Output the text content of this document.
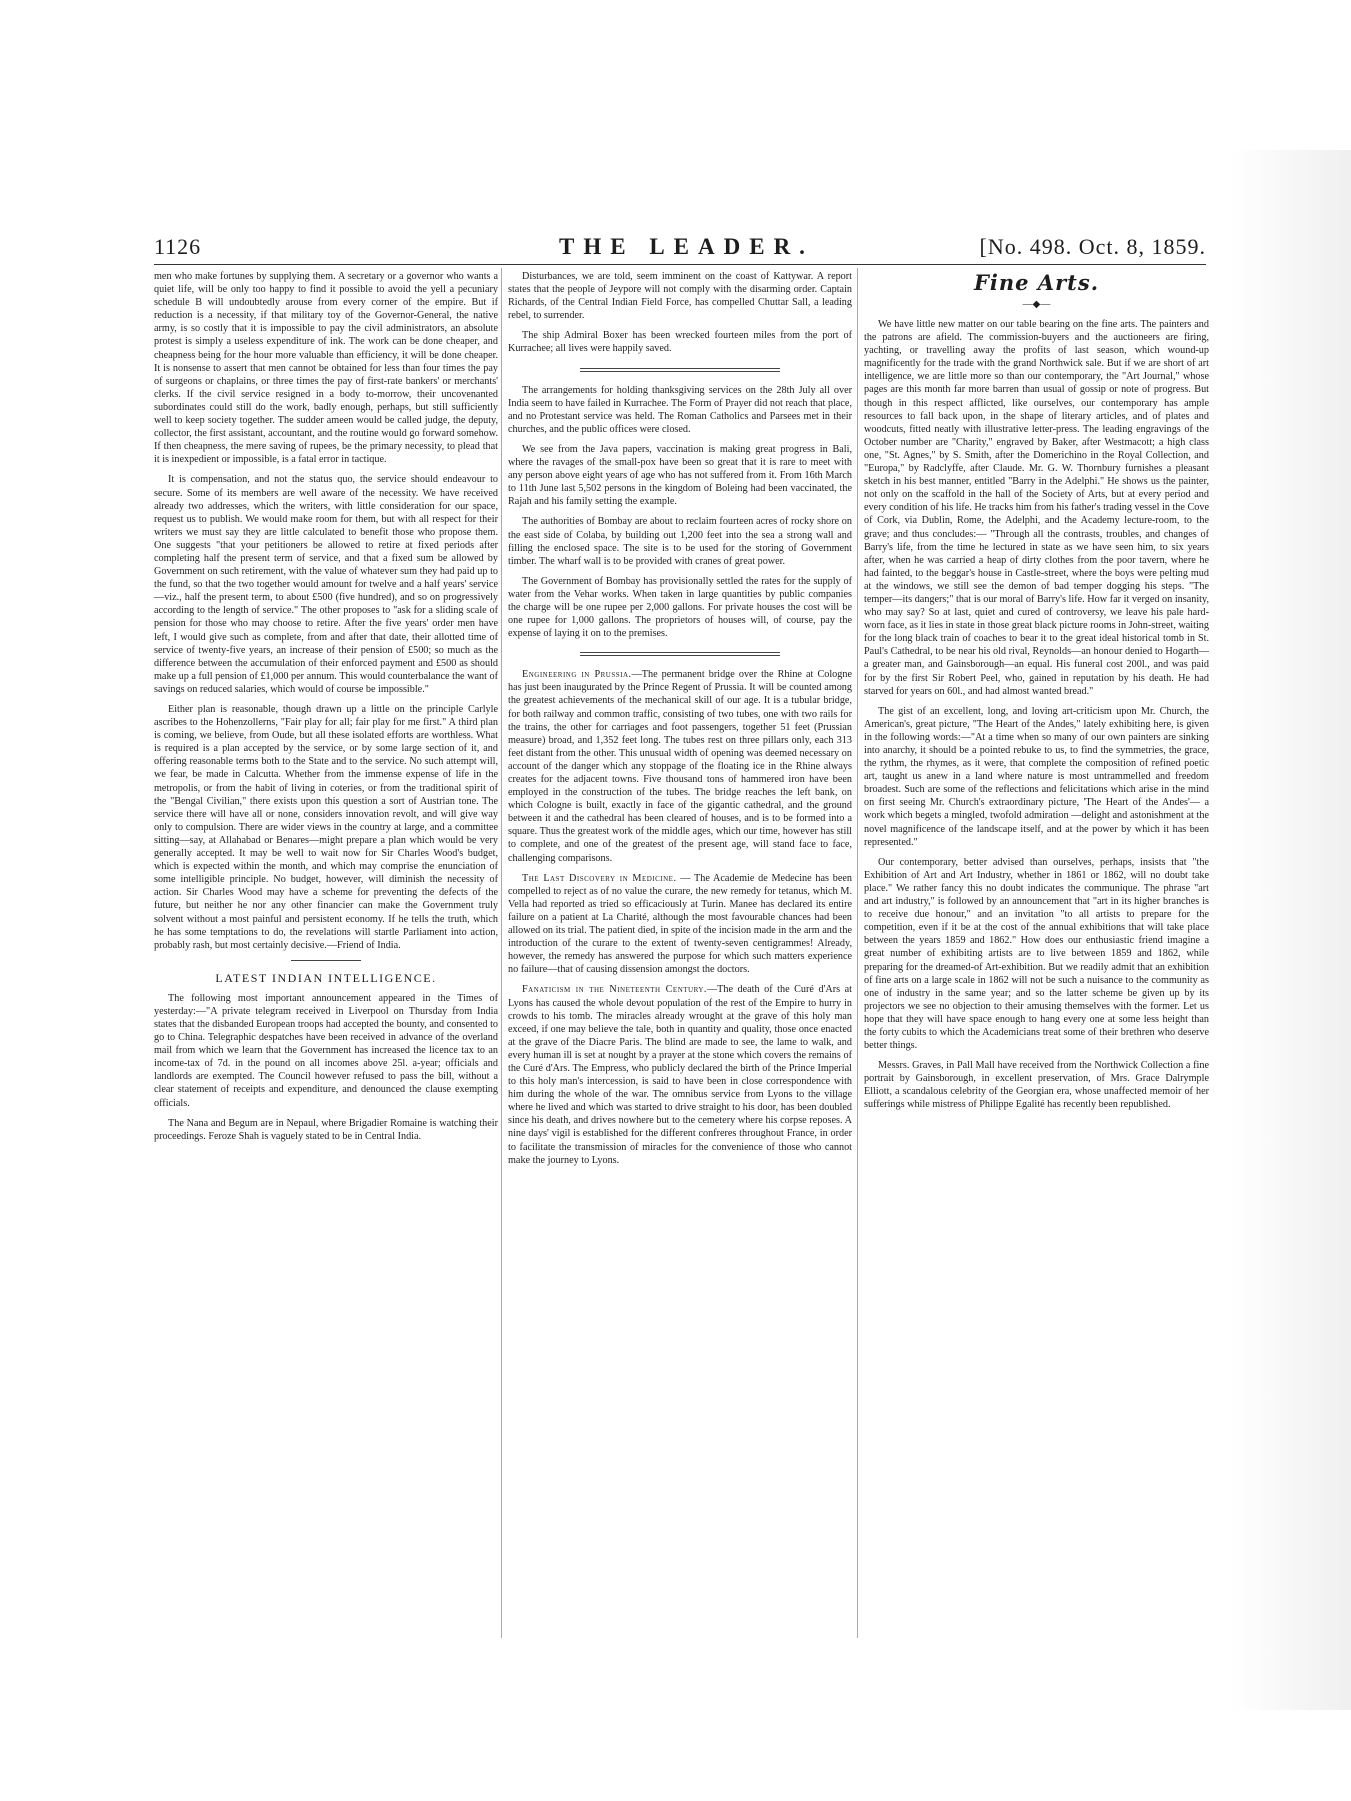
1126	THE LEADER.	[No. 498. Oct. 8, 1859.

men who make fortunes by supplying them. A secretary or a governor who wants a quiet life, will be only too happy to find it possible to avoid the yell a pecuniary schedule B will undoubtedly arouse from every corner of the empire. But if reduction is a necessity, if that military toy of the Governor-General, the native army, is so costly that it is impossible to pay the civil administrators, an absolute protest is simply a useless expenditure of ink. The work can be done cheaper, and cheapness being for the hour more valuable than efficiency, it will be done cheaper. It is nonsense to assert that men cannot be obtained for less than four times the pay of surgeons or chaplains, or three times the pay of first-rate bankers' or merchants' clerks. If the civil service resigned in a body to-morrow, their uncovenanted subordinates could still do the work, badly enough, perhaps, but still sufficiently well to keep society together. The sudder ameen would be called judge, the deputy, collector, the first assistant, accountant, and the routine would go forward somehow. If then cheapness, the mere saving of rupees, be the primary necessity, to plead that it is inexpedient or impossible, is a fatal error in tactique.

It is compensation, and not the status quo, the service should endeavour to secure. Some of its members are well aware of the necessity. We have received already two addresses, which the writers, with little consideration for our space, request us to publish. We would make room for them, but with all respect for their writers we must say they are little calculated to benefit those who propose them. One suggests "that your petitioners be allowed to retire at fixed periods after completing half the present term of service, and that a fixed sum be allowed by Government on such retirement, with the value of whatever sum they had paid up to the fund, so that the two together would amount for twelve and a half years' service—viz., half the present term, to about £500 (five hundred), and so on progressively according to the length of service." The other proposes to "ask for a sliding scale of pension for those who may choose to retire. After the five years' order men have left, I would give such as complete, from and after that date, their allotted time of service of twenty-five years, an increase of their pension of £500; so much as the difference between the accumulation of their enforced payment and £500 as should make up a full pension of £1,000 per annum. This would counterbalance the want of savings on reduced salaries, which would of course be impossible."

Either plan is reasonable, though drawn up a little on the principle Carlyle ascribes to the Hohenzollerns, "Fair play for all; fair play for me first." A third plan is coming, we believe, from Oude, but all these isolated efforts are worthless. What is required is a plan accepted by the service, or by some large section of it, and offering reasonable terms both to the State and to the service. No such attempt will, we fear, be made in Calcutta. Whether from the immense expense of life in the metropolis, or from the habit of living in coteries, or from the traditional spirit of the "Bengal Civilian," there exists upon this question a sort of Austrian tone. The service there will have all or none, considers innovation revolt, and will give way only to compulsion. There are wider views in the country at large, and a committee sitting—say, at Allahabad or Benares—might prepare a plan which would be very generally accepted. It may be well to wait now for Sir Charles Wood's budget, which is expected within the month, and which may comprise the enunciation of some intelligible principle. No budget, however, will diminish the necessity of action. Sir Charles Wood may have a scheme for preventing the defects of the future, but neither he nor any other financier can make the Government truly solvent without a most painful and persistent economy. If he tells the truth, which he has some temptations to do, the revelations will startle Parliament into action, probably rash, but most certainly decisive.—Friend of India.

LATEST INDIAN INTELLIGENCE.

The following most important announcement appeared in the Times of yesterday:—"A private telegram received in Liverpool on Thursday from India states that the disbanded European troops had accepted the bounty, and consented to go to China. Telegraphic despatches have been received in advance of the overland mail from which we learn that the Government has increased the licence tax to an income-tax of 7d. in the pound on all incomes above 25l. a-year; officials and landlords are exempted. The Council however refused to pass the bill, without a clear statement of receipts and expenditure, and denounced the clause exempting officials.

The Nana and Begum are in Nepaul, where Brigadier Romaine is watching their proceedings. Feroze Shah is vaguely stated to be in Central India.

Disturbances, we are told, seem imminent on the coast of Kattywar. A report states that the people of Jeypore will not comply with the disarming order. Captain Richards, of the Central Indian Field Force, has compelled Chuttar Sall, a leading rebel, to surrender.

The ship Admiral Boxer has been wrecked fourteen miles from the port of Kurrachee; all lives were happily saved.

The arrangements for holding thanksgiving services on the 28th July all over India seem to have failed in Kurrachee. The Form of Prayer did not reach that place, and no Protestant service was held. The Roman Catholics and Parsees met in their churches, and the public offices were closed.

We see from the Java papers, vaccination is making great progress in Bali, where the ravages of the small-pox have been so great that it is rare to meet with any person above eight years of age who has not suffered from it. From 16th March to 11th June last 5,502 persons in the kingdom of Boleing had been vaccinated, the Rajah and his family setting the example.

The authorities of Bombay are about to reclaim fourteen acres of rocky shore on the east side of Colaba, by building out 1,200 feet into the sea a strong wall and filling the enclosed space. The site is to be used for the storing of Government timber. The wharf wall is to be provided with cranes of great power.

The Government of Bombay has provisionally settled the rates for the supply of water from the Vehar works. When taken in large quantities by public companies the charge will be one rupee per 2,000 gallons. For private houses the cost will be one rupee for 1,000 gallons. The proprietors of houses will, of course, pay the expense of laying it on to the premises.

Engineering in Prussia.—The permanent bridge over the Rhine at Cologne has just been inaugurated by the Prince Regent of Prussia. It will be counted among the greatest achievements of the mechanical skill of our age. It is a tubular bridge, for both railway and common traffic, consisting of two tubes, one with two rails for the trains, the other for carriages and foot passengers, together 51 feet (Prussian measure) broad, and 1,352 feet long. The tubes rest on three pillars only, each 313 feet distant from the other. This unusual width of opening was deemed necessary on account of the danger which any stoppage of the floating ice in the Rhine always creates for the adjacent towns. Five thousand tons of hammered iron have been employed in the construction of the tubes. The bridge reaches the left bank, on which Cologne is built, exactly in face of the gigantic cathedral, and the ground between it and the cathedral has been cleared of houses, and is to be formed into a square. Thus the greatest work of the middle ages, which our time, however has still to complete, and one of the greatest of the present age, will stand face to face, challenging comparisons.

The Last Discovery in Medicine. — The Academie de Medecine has been compelled to reject as of no value the curare, the new remedy for tetanus, which M. Vella had reported as tried so efficaciously at Turin. Manee has declared its entire failure on a patient at La Charité, although the most favourable chances had been allowed on its trial. The patient died, in spite of the incision made in the arm and the introduction of the curare to the extent of twenty-seven centigrammes! Already, however, the remedy has answered the purpose for which such matters experience no failure—that of causing dissension amongst the doctors.

Fanaticism in the Nineteenth Century.—The death of the Curé d'Ars at Lyons has caused the whole devout population of the rest of the Empire to hurry in crowds to his tomb. The miracles already wrought at the grave of this holy man exceed, if one may believe the tale, both in quantity and quality, those once enacted at the grave of the Diacre Paris. The blind are made to see, the lame to walk, and every human ill is set at nought by a prayer at the stone which covers the remains of the Curé d'Ars. The Empress, who publicly declared the birth of the Prince Imperial to this holy man's intercession, is said to have been in close correspondence with him during the whole of the war. The omnibus service from Lyons to the village where he lived and which was started to drive straight to his door, has been doubled since his death, and drives nowhere but to the cemetery where his corpse reposes. A nine days' vigil is established for the different confreres throughout France, in order to facilitate the transmission of miracles for the convenience of those who cannot make the journey to Lyons.

Fine Arts.
—◆—

We have little new matter on our table bearing on the fine arts. The painters and the patrons are afield. The commission-buyers and the auctioneers are firing, yachting, or travelling away the profits of last season, which wound-up magnificently for the trade with the grand Northwick sale. But if we are short of art intelligence, we are little more so than our contemporary, the "Art Journal," whose pages are this month far more barren than usual of gossip or note of progress. But though in this respect afflicted, like ourselves, our contemporary has ample resources to fall back upon, in the shape of literary articles, and of plates and woodcuts, fitted neatly with illustrative letter-press. The leading engravings of the October number are "Charity," engraved by Baker, after Westmacott; a high class one, "St. Agnes," by S. Smith, after the Domerichino in the Royal Collection, and "Europa," by Radclyffe, after Claude. Mr. G. W. Thornbury furnishes a pleasant sketch in his best manner, entitled "Barry in the Adelphi." He shows us the painter, not only on the scaffold in the hall of the Society of Arts, but at every period and every condition of his life. He tracks him from his father's trading vessel in the Cove of Cork, via Dublin, Rome, the Adelphi, and the Academy lecture-room, to the grave; and thus concludes:— "Through all the contrasts, troubles, and changes of Barry's life, from the time he lectured in state as we have seen him, to six years after, when he was carried a heap of dirty clothes from the poor tavern, where he had fainted, to the beggar's house in Castle-street, where the boys were pelting mud at the windows, we still see the demon of bad temper dogging his steps. "The temper—its dangers;" that is our moral of Barry's life. How far it verged on insanity, who may say? So at last, quiet and cured of controversy, we leave his pale hard-worn face, as it lies in state in those great black picture rooms in John-street, waiting for the long black train of coaches to bear it to the great ideal historical tomb in St. Paul's Cathedral, to be near his old rival, Reynolds—an honour denied to Hogarth—a greater man, and Gainsborough—an equal. His funeral cost 200l., and was paid for by the first Sir Robert Peel, who, gained in reputation by his death. He had starved for years on 60l., and had almost wanted bread."

The gist of an excellent, long, and loving art-criticism upon Mr. Church, the American's, great picture, "The Heart of the Andes," lately exhibiting here, is given in the following words:—"At a time when so many of our own painters are sinking into anarchy, it should be a pointed rebuke to us, to find the symmetries, the grace, the rythm, the rhymes, as it were, that complete the composition of refined poetic art, taught us anew in a land where nature is most untrammelled and freedom broadest. Such are some of the reflections and felicitations which arise in the mind on first seeing Mr. Church's extraordinary picture, 'The Heart of the Andes'— a work which begets a mingled, twofold admiration —delight and astonishment at the novel magnificence of the landscape itself, and at the power by which it has been represented."

Our contemporary, better advised than ourselves, perhaps, insists that "the Exhibition of Art and Art Industry, whether in 1861 or 1862, will no doubt take place." We rather fancy this no doubt indicates the communique. The phrase "art and art industry," is followed by an announcement that "art in its higher branches is to receive due honour," and an invitation "to all artists to prepare for the competition, even if it be at the cost of the annual exhibitions that will take place between the years 1859 and 1862." How does our enthusiastic friend imagine a great number of exhibiting artists are to live between 1859 and 1862, while preparing for the dreamed-of Art-exhibition. But we readily admit that an exhibition of fine arts on a large scale in 1862 will not be such a nuisance to the community as one of industry in the same year; and so the latter scheme be given up by its projectors we see no objection to their amusing themselves with the former. Let us hope that they will have space enough to hang every one at some less height than the forty cubits to which the Academicians treat some of their brethren who deserve better things.

Messrs. Graves, in Pall Mall have received from the Northwick Collection a fine portrait by Gainsborough, in excellent preservation, of Mrs. Grace Dalrymple Elliott, a scandalous celebrity of the Georgian era, whose unaffected memoir of her sufferings while mistress of Philippe Egalité has recently been republished.
